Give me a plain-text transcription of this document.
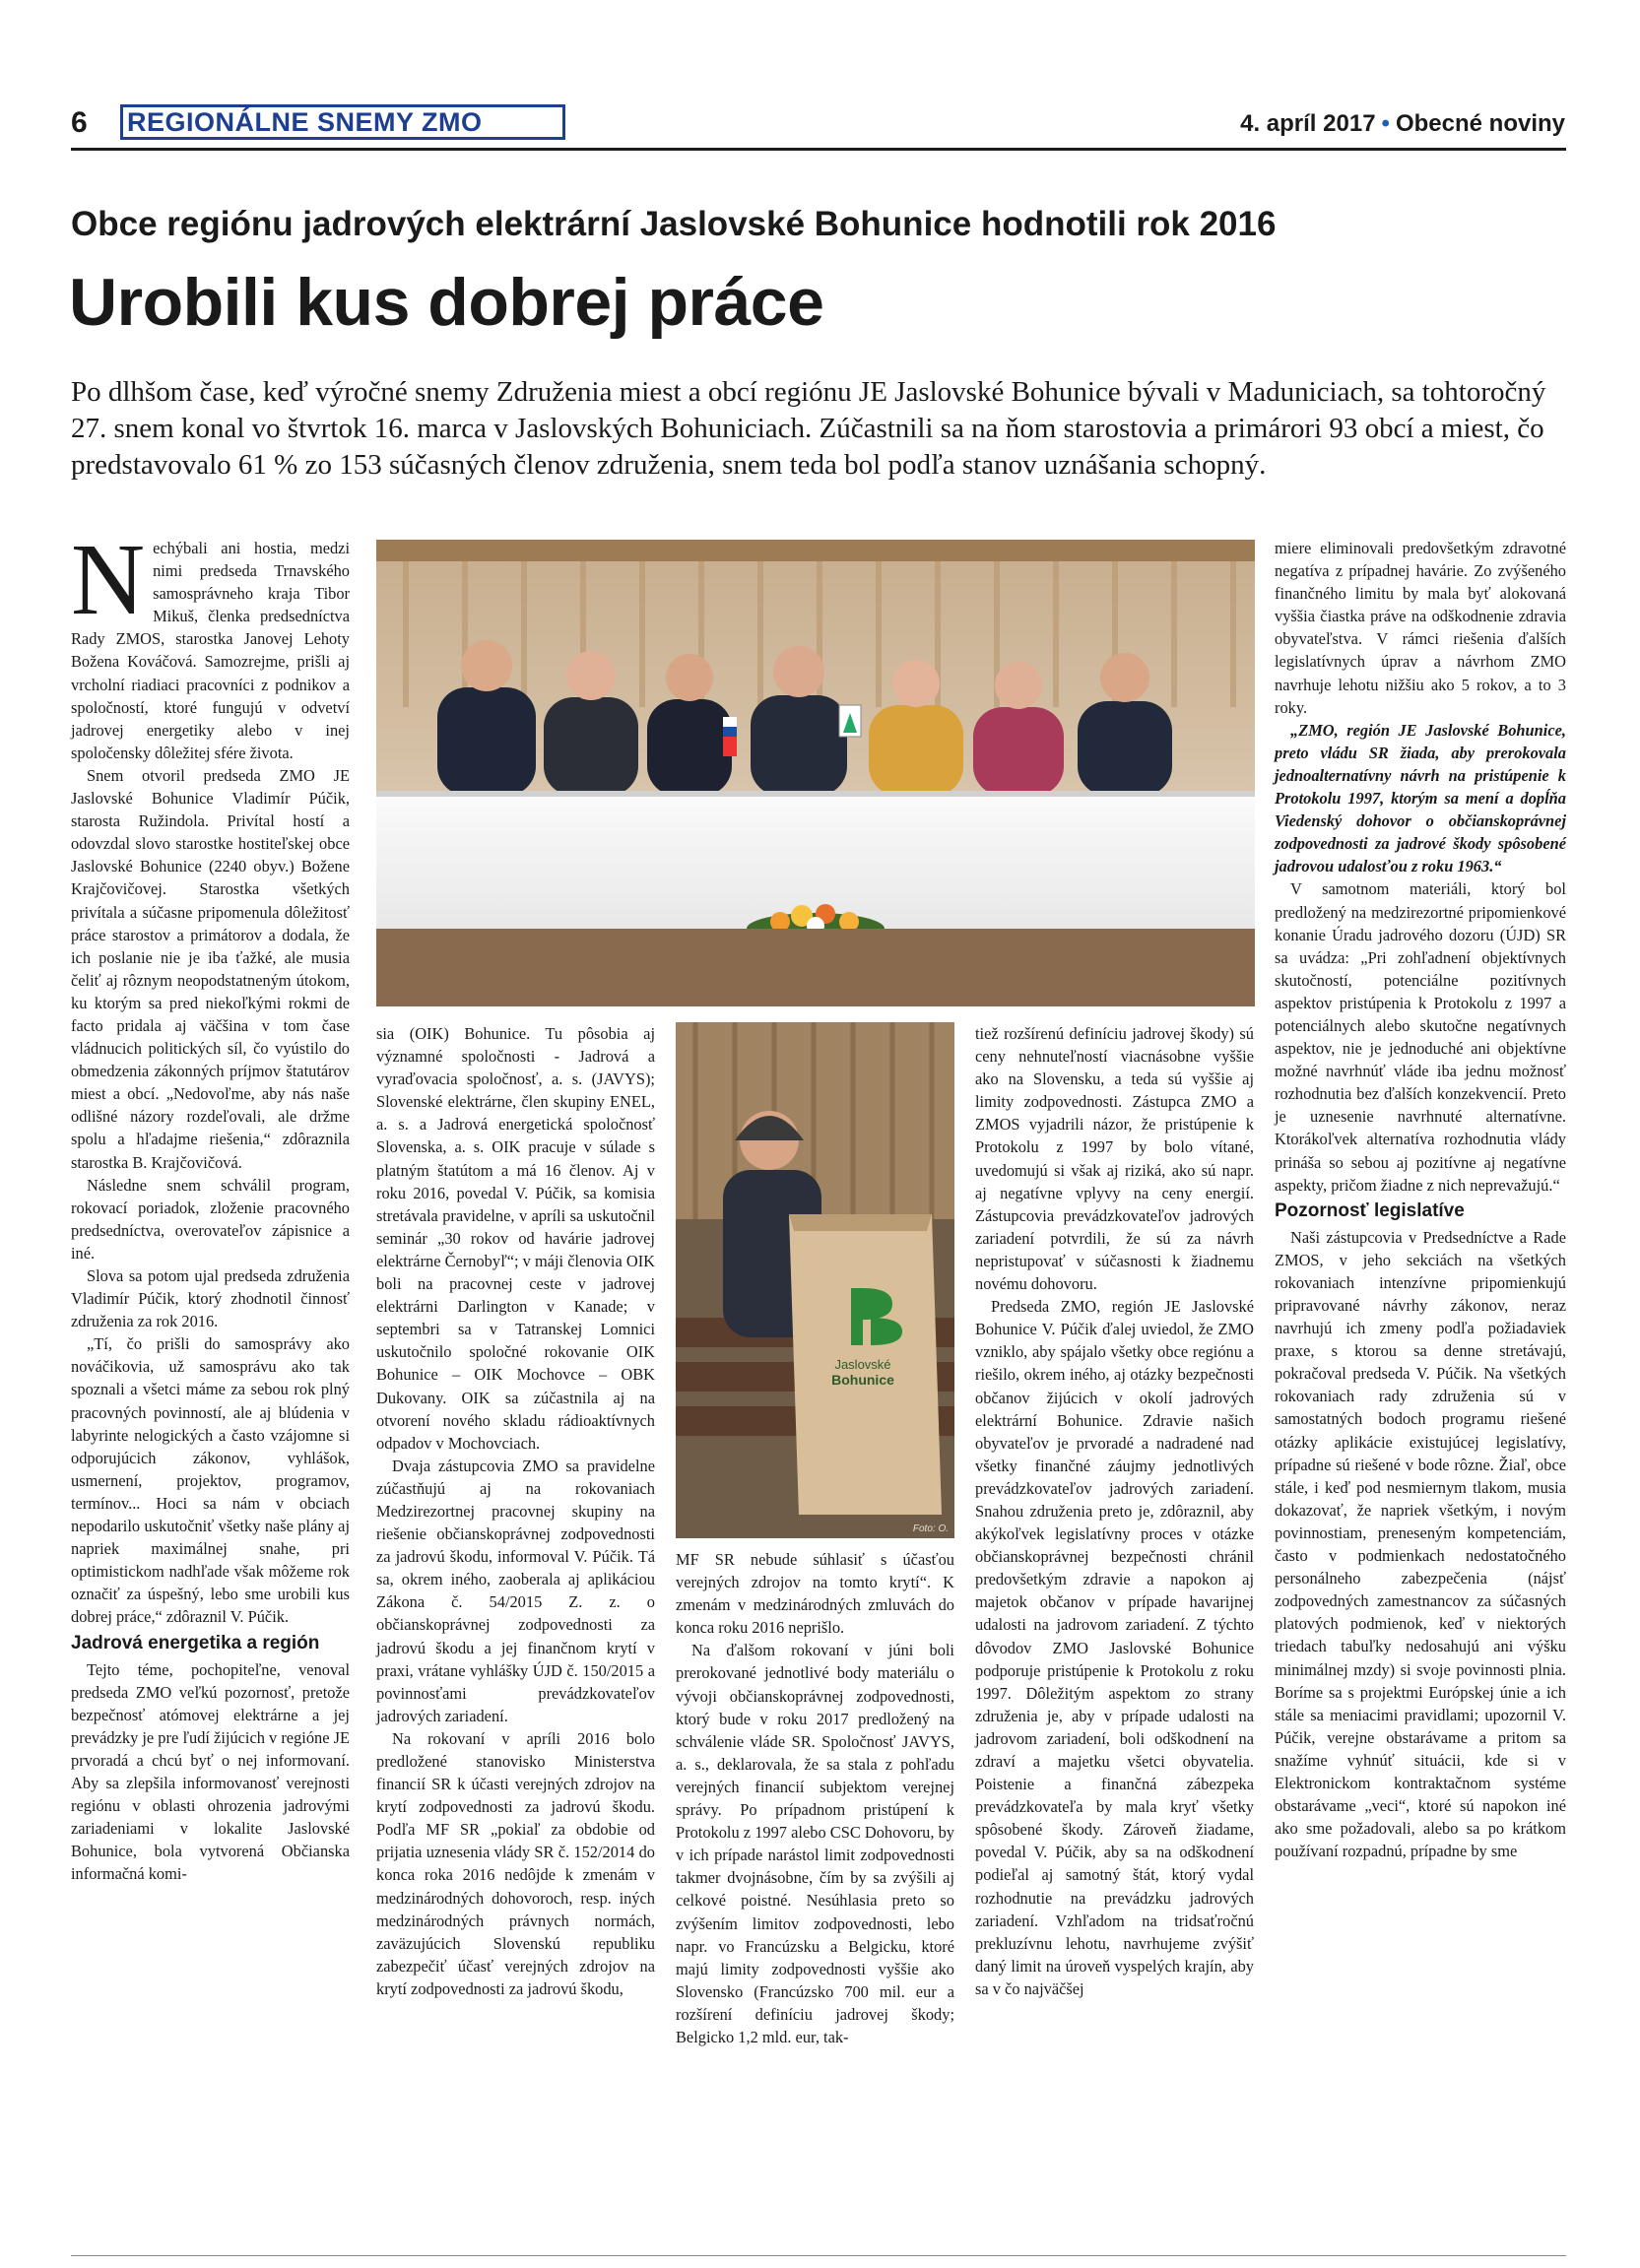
6 REGIONÁLNE SNEMY ZMO	4. apríl 2017 • Obecné noviny
Obce regiónu jadrových elektrární Jaslovské Bohunice hodnotili rok 2016
Urobili kus dobrej práce
Po dlhšom čase, keď výročné snemy Združenia miest a obcí regiónu JE Jaslovské Bohunice bývali v Maduniciach, sa tohtoročný 27. snem konal vo štvrtok 16. marca v Jaslovských Bohuniciach. Zúčastnili sa na ňom starostovia a primárori 93 obcí a miest, čo predstavovalo 61 % zo 153 súčasných členov združenia, snem teda bol podľa stanov uznášania schopný.
Jaslovské
Bohunice
Foto: O.

Nechýbali ani hostia, medzi nimi predseda Trnavského samosprávneho kraja Tibor Mikuš, členka predsedníctva Rady ZMOS, starostka Janovej Lehoty Božena Kováčová. Samozrejme, prišli aj vrcholní riadiaci pracovníci z podnikov a spoločností, ktoré fungujú v odvetví jadrovej energetiky alebo v inej spoločensky dôležitej sfére života.

Snem otvoril predseda ZMO JE Jaslovské Bohunice Vladimír Púčik, starosta Ružindola. Privítal hostí a odovzdal slovo starostke hostiteľskej obce Jaslovské Bohunice (2240 obyv.) Božene Krajčovičovej. Starostka všetkých privítala a súčasne pripomenula dôležitosť práce starostov a primátorov a dodala, že ich poslanie nie je iba ťažké, ale musia čeliť aj rôznym neopodstatneným útokom, ku ktorým sa pred niekoľkými rokmi de facto pridala aj väčšina v tom čase vládnucich politických síl, čo vyústilo do obmedzenia zákonných príjmov štatutárov miest a obcí. „Nedovoľme, aby nás naše odlišné názory rozdeľovali, ale držme spolu a hľadajme riešenia,“ zdôraznila starostka B. Krajčovičová.

Následne snem schválil program, rokovací poriadok, zloženie pracovného predsedníctva, overovateľov zápisnice a iné.

Slova sa potom ujal predseda združenia Vladimír Púčik, ktorý zhodnotil činnosť združenia za rok 2016.

„Tí, čo prišli do samosprávy ako nováčikovia, už samosprávu ako tak spoznali a všetci máme za sebou rok plný pracovných povinností, ale aj blúdenia v labyrinte nelogických a často vzájomne si odporujúcich zákonov, vyhlášok, usmernení, projektov, programov, termínov... Hoci sa nám v obciach nepodarilo uskutočniť všetky naše plány aj napriek maximálnej snahe, pri optimistickom nadhľade však môžeme rok označiť za úspešný, lebo sme urobili kus dobrej práce,“ zdôraznil V. Púčik.

Jadrová energetika a región

Tejto téme, pochopiteľne, venoval predseda ZMO veľkú pozornosť, pretože bezpečnosť atómovej elektrárne a jej prevádzky je pre ľudí žijúcich v regióne JE prvoradá a chcú byť o nej informovaní. Aby sa zlepšila informovanosť verejnosti regiónu v oblasti ohrozenia jadrovými zariadeniami v lokalite Jaslovské Bohunice, bola vytvorená Občianska informačná komi-

sia (OIK) Bohunice. Tu pôsobia aj významné spoločnosti - Jadrová a vyraďovacia spoločnosť, a. s. (JAVYS); Slovenské elektrárne, člen skupiny ENEL, a. s. a Jadrová energetická spoločnosť Slovenska, a. s. OIK pracuje v súlade s platným štatútom a má 16 členov. Aj v roku 2016, povedal V. Púčik, sa komisia stretávala pravidelne, v apríli sa uskutočnil seminár „30 rokov od havárie jadrovej elektrárne Černobyľ“; v máji členovia OIK boli na pracovnej ceste v jadrovej elektrárni Darlington v Kanade; v septembri sa v Tatranskej Lomnici uskutočnilo spoločné rokovanie OIK Bohunice – OIK Mochovce – OBK Dukovany. OIK sa zúčastnila aj na otvorení nového skladu rádioaktívnych odpadov v Mochovciach.

Dvaja zástupcovia ZMO sa pravidelne zúčastňujú aj na rokovaniach Medzirezortnej pracovnej skupiny na riešenie občianskoprávnej zodpovednosti za jadrovú škodu, informoval V. Púčik. Tá sa, okrem iného, zaoberala aj aplikáciou Zákona č. 54/2015 Z. z. o občianskoprávnej zodpovednosti za jadrovú škodu a jej finančnom krytí v praxi, vrátane vyhlášky ÚJD č. 150/2015 a povinnosťami prevádzkovateľov jadrových zariadení.

Na rokovaní v apríli 2016 bolo predložené stanovisko Ministerstva financií SR k účasti verejných zdrojov na krytí zodpovednosti za jadrovú škodu. Podľa MF SR „pokiaľ za obdobie od prijatia uznesenia vlády SR č. 152/2014 do konca roka 2016 nedôjde k zmenám v medzinárodných dohovoroch, resp. iných medzinárodných právnych normách, zaväzujúcich Slovenskú republiku zabezpečiť účasť verejných zdrojov na krytí zodpovednosti za jadrovú škodu,

MF SR nebude súhlasiť s účasťou verejných zdrojov na tomto krytí“. K zmenám v medzinárodných zmluvách do konca roku 2016 neprišlo.

Na ďalšom rokovaní v júni boli prerokované jednotlivé body materiálu o vývoji občianskoprávnej zodpovednosti, ktorý bude v roku 2017 predložený na schválenie vláde SR. Spoločnosť JAVYS, a. s., deklarovala, že sa stala z pohľadu verejných financií subjektom verejnej správy. Po prípadnom pristúpení k Protokolu z 1997 alebo CSC Dohovoru, by v ich prípade narástol limit zodpovednosti takmer dvojnásobne, čím by sa zvýšili aj celkové poistné. Nesúhlasia preto so zvýšením limitov zodpovednosti, lebo napr. vo Francúzsku a Belgicku, ktoré majú limity zodpovednosti vyššie ako Slovensko (Francúzsko 700 mil. eur a rozšírení definíciu jadrovej škody; Belgicko 1,2 mld. eur, tak-

tiež rozšírenú definíciu jadrovej škody) sú ceny nehnuteľností viacnásobne vyššie ako na Slovensku, a teda sú vyššie aj limity zodpovednosti. Zástupca ZMO a ZMOS vyjadrili názor, že pristúpenie k Protokolu z 1997 by bolo vítané, uvedomujú si však aj riziká, ako sú napr. aj negatívne vplyvy na ceny energií. Zástupcovia prevádzkovateľov jadrových zariadení potvrdili, že sú za návrh nepristupovať v súčasnosti k žiadnemu novému dohovoru.

Predseda ZMO, región JE Jaslovské Bohunice V. Púčik ďalej uviedol, že ZMO vzniklo, aby spájalo všetky obce regiónu a riešilo, okrem iného, aj otázky bezpečnosti občanov žijúcich v okolí jadrových elektrární Bohunice. Zdravie našich obyvateľov je prvoradé a nadradené nad všetky finančné záujmy jednotlivých prevádzkovateľov jadrových zariadení. Snahou združenia preto je, zdôraznil, aby akýkoľvek legislatívny proces v otázke občianskoprávnej bezpečnosti chránil predovšetkým zdravie a napokon aj majetok občanov v prípade havarijnej udalosti na jadrovom zariadení. Z týchto dôvodov ZMO Jaslovské Bohunice podporuje pristúpenie k Protokolu z roku 1997. Dôležitým aspektom zo strany združenia je, aby v prípade udalosti na jadrovom zariadení, boli odškodnení na zdraví a majetku všetci obyvatelia. Poistenie a finančná zábezpeka prevádzkovateľa by mala kryť všetky spôsobené škody. Zároveň žiadame, povedal V. Púčik, aby sa na odškodnení podieľal aj samotný štát, ktorý vydal rozhodnutie na prevádzku jadrových zariadení. Vzhľadom na tridsaťročnú prekluzívnu lehotu, navrhujeme zvýšiť daný limit na úroveň vyspelých krajín, aby sa v čo najväčšej

miere eliminovali predovšetkým zdravotné negatíva z prípadnej havárie. Zo zvýšeného finančného limitu by mala byť alokovaná vyššia čiastka práve na odškodnenie zdravia obyvateľstva. V rámci riešenia ďalších legislatívnych úprav a návrhom ZMO navrhuje lehotu nižšiu ako 5 rokov, a to 3 roky.

„ZMO, región JE Jaslovské Bohunice, preto vládu SR žiada, aby prerokovala jednoalternatívny návrh na pristúpenie k Protokolu 1997, ktorým sa mení a dopĺňa Viedenský dohovor o občianskoprávnej zodpovednosti za jadrové škody spôsobené jadrovou udalosťou z roku 1963.“

V samotnom materiáli, ktorý bol predložený na medzirezortné pripomienkové konanie Úradu jadrového dozoru (ÚJD) SR sa uvádza: „Pri zohľadnení objektívnych skutočností, potenciálne pozitívnych aspektov pristúpenia k Protokolu z 1997 a potenciálnych alebo skutočne negatívnych aspektov, nie je jednoduché ani objektívne možné navrhnúť vláde iba jednu možnosť rozhodnutia bez ďalších konzekvencií. Preto je uznesenie navrhnuté alternatívne. Ktorákoľvek alternatíva rozhodnutia vlády prináša so sebou aj pozitívne aj negatívne aspekty, pričom žiadne z nich neprevažujú.“

Pozornosť legislatíve

Naši zástupcovia v Predsedníctve a Rade ZMOS, v jeho sekciách na všetkých rokovaniach intenzívne pripomienkujú pripravované návrhy zákonov, neraz navrhujú ich zmeny podľa požiadaviek praxe, s ktorou sa denne stretávajú, pokračoval predseda V. Púčik. Na všetkých rokovaniach rady združenia sú v samostatných bodoch programu riešené otázky aplikácie existujúcej legislatívy, prípadne sú riešené v bode rôzne. Žiaľ, obce stále, i keď pod nesmiernym tlakom, musia dokazovať, že napriek všetkým, i novým povinnostiam, preneseným kompetenciám, často v podmienkach nedostatočného personálneho zabezpečenia (nájsť zodpovedných zamestnancov za súčasných platových podmienok, keď v niektorých triedach tabuľky nedosahujú ani výšku minimálnej mzdy) si svoje povinnosti plnia. Boríme sa s projektmi Európskej únie a ich stále sa meniacimi pravidlami; upozornil V. Púčik, verejne obstarávame a pritom sa snažíme vyhnúť situácii, kde si v Elektronickom kontraktačnom systéme obstarávame „veci“, ktoré sú napokon iné ako sme požadovali, alebo sa po krátkom používaní rozpadnú, prípadne by sme
